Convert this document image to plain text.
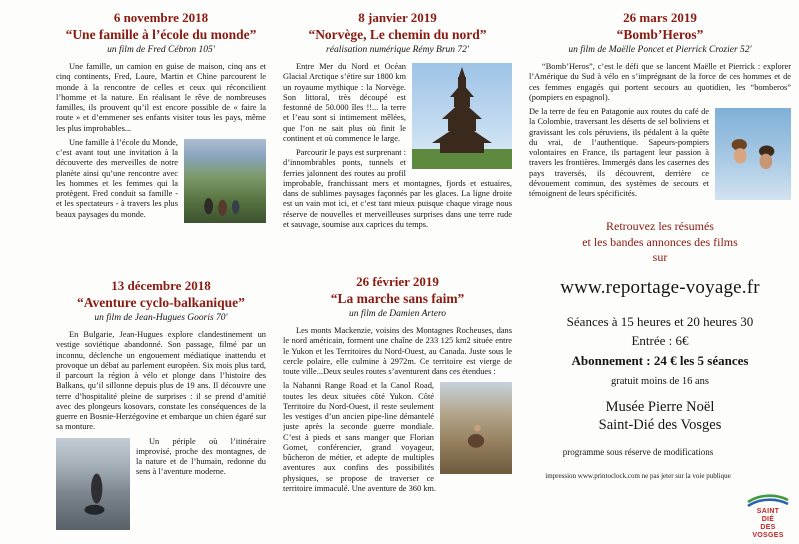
6 novembre 2018
“Une famille à l’école du monde”
un film de Fred Cébron 105'

Une famille, un camion en guise de maison, cinq ans et cinq continents, Fred, Laure, Martin et Chine parcourent le monde à la rencontre de celles et ceux qui réconcilient l’homme et la nature. En réalisant le rêve de nombreuses familles, ils prouvent qu’il est encore possible de « faire la route » et d’emmener ses enfants visiter tous les pays, même les plus improbables...

Une famille à l’école du Monde, c’est avant tout une invitation à la découverte des merveilles de notre planète ainsi qu’une rencontre avec les hommes et les femmes qui la protègent. Fred conduit sa famille - et les spectateurs - à travers les plus beaux paysages du monde.

13 décembre 2018
“Aventure cyclo-balkanique”
un film de Jean-Hugues Gooris 70'

En Bulgarie, Jean-Hugues explore clandestinement un vestige soviétique abandonné. Son passage, filmé par un inconnu, déclenche un engouement médiatique inattendu et provoque un débat au parlement européen. Six mois plus tard, il parcourt la région à vélo et plonge dans l’histoire des Balkans, qu’il sillonne depuis plus de 19 ans. Il découvre une terre d’hospitalité pleine de surprises : il se prend d’amitié avec des plongeurs kosovars, constate les conséquences de la guerre en Bosnie-Herzégovine et embarque un chien égaré sur sa monture.

Un périple où l’itinéraire improvisé, proche des montagnes, de la nature et de l’humain, redonne du sens à l’aventure moderne.

8 janvier 2019
“Norvège, Le chemin du nord”
réalisation numérique Rémy Brun 72'

Entre Mer du Nord et Océan Glacial Arctique s’étire sur 1800 km un royaume mythique : la Norvège. Son littoral, très découpé est festonné de 50.000 îles !!... la terre et l’eau sont si intimement mêlées, que l’on ne sait plus où finit le continent et où commence le large.

Parcourir le pays est surprenant : d’innombrables ponts, tunnels et ferries jalonnent des routes au profil improbable, franchissant mers et montagnes, fjords et estuaires, dans de sublimes paysages façonnés par les glaces. La ligne droite est un vain mot ici, et c’est tant mieux puisque chaque virage nous réserve de nouvelles et merveilleuses surprises dans une terre rude et sauvage, soumise aux caprices du temps.

26 février 2019
“La marche sans faim”
un film de Damien Artero

Les monts Mackenzie, voisins des Montagnes Rocheuses, dans le nord américain, forment une chaîne de 233 125 km2 située entre le Yukon et les Territoires du Nord-Ouest, au Canada. Juste sous le cercle polaire, elle culmine à 2972m. Ce territoire est vierge de toute ville...Deux seules routes s’aventurent dans ces étendues :

la Nahanni Range Road et la Canol Road, toutes les deux situées côté Yukon. Côté Territoire du Nord-Ouest, il reste seulement les vestiges d’un ancien pipe-line démantelé juste après la seconde guerre mondiale. C’est à pieds et sans manger que Florian Gomet, conférencier, grand voyageur, bûcheron de métier, et adepte de multiples aventures aux confins des possibilités physiques, se propose de traverser ce territoire immaculé. Une aventure de 360 km.

26 mars 2019
“Bomb’Heros”
un film de Maëlle Poncet et Pierrick Crozier 52'

“Bomb’Heros”, c’est le défi que se lancent Maëlle et Pierrick : explorer l’Amérique du Sud à vélo en s’imprégnant de la force de ces hommes et de ces femmes engagés qui portent secours au quotidien, les “bomberos” (pompiers en espagnol).

De la terre de feu en Patagonie aux routes du café de la Colombie, traversant les déserts de sel boliviens et gravissant les cols péruviens, ils pédalent à la quête du vrai, de l’authentique. Sapeurs-pompiers volontaires en France, ils partagent leur passion à travers les frontières. Immergés dans les casernes des pays traversés, ils découvrent, derrière ce dévouement commun, des systèmes de secours et témoignent de leurs spécificités.

Retrouvez les résumés
et les bandes annonces des films
sur
www.reportage-voyage.fr
Séances à 15 heures et 20 heures 30
Entrée : 6€
Abonnement : 24 € les 5 séances
gratuit moins de 16 ans
Musée Pierre Noël
Saint-Dié des Vosges
programme sous réserve de modifications
impression www.printoclock.com ne pas jeter sur la voie publique
SAINT
DIÉ
DES
VOSGES
